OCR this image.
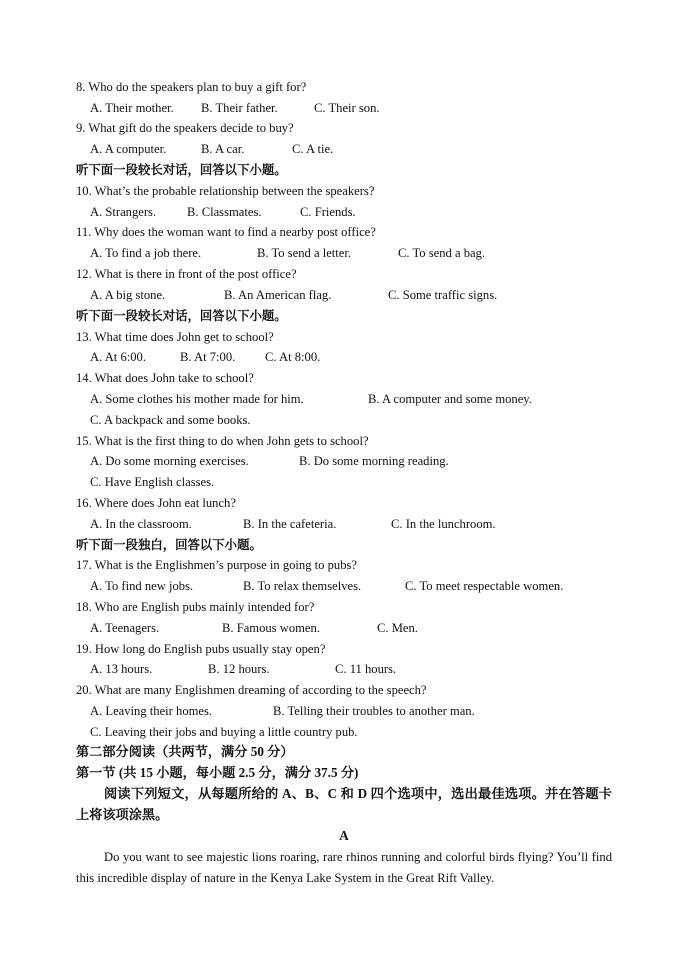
8. Who do the speakers plan to buy a gift for?
A. Their mother.	B. Their father.	C. Their son.
9. What gift do the speakers decide to buy?
A. A computer.	B. A car.	C. A tie.
听下面一段较长对话，回答以下小题。
10. What’s the probable relationship between the speakers?
A. Strangers.	B. Classmates.	C. Friends.
11. Why does the woman want to find a nearby post office?
A. To find a job there.	B. To send a letter.	C. To send a bag.
12. What is there in front of the post office?
A. A big stone.	B. An American flag.	C. Some traffic signs.
听下面一段较长对话，回答以下小题。
13. What time does John get to school?
A. At 6:00.	B. At 7:00.	C. At 8:00.
14. What does John take to school?
A. Some clothes his mother made for him.	B. A computer and some money.
C. A backpack and some books.
15. What is the first thing to do when John gets to school?
A. Do some morning exercises.	B. Do some morning reading.
C. Have English classes.
16. Where does John eat lunch?
A. In the classroom.	B. In the cafeteria.	C. In the lunchroom.
听下面一段独白，回答以下小题。
17. What is the Englishmen’s purpose in going to pubs?
A. To find new jobs.	B. To relax themselves.	C. To meet respectable women.
18. Who are English pubs mainly intended for?
A. Teenagers.	B. Famous women.	C. Men.
19. How long do English pubs usually stay open?
A. 13 hours.	B. 12 hours.	C. 11 hours.
20. What are many Englishmen dreaming of according to the speech?
A. Leaving their homes.	B. Telling their troubles to another man.
C. Leaving their jobs and buying a little country pub.
第二部分阅读（共两节，满分 50 分）
第一节 (共 15 小题，每小题 2.5 分，满分 37.5 分)
阅读下列短文，从每题所给的 A、B、C 和 D 四个选项中，选出最佳选项。并在答题卡上将该项涂黑。
A
Do you want to see majestic lions roaring, rare rhinos running and colorful birds flying? You’ll find this incredible display of nature in the Kenya Lake System in the Great Rift Valley.
